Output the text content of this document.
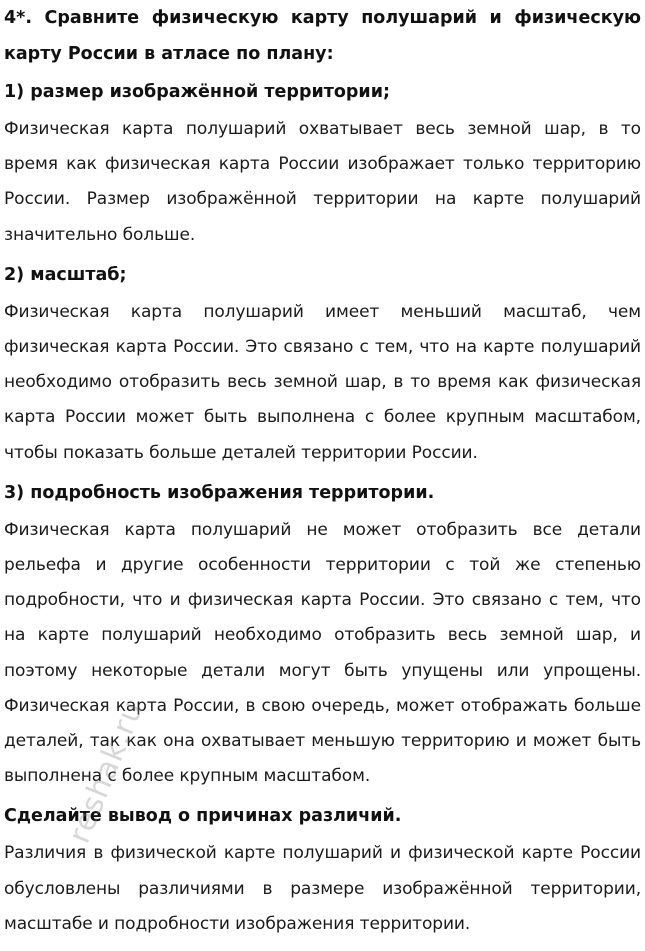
4*. Сравните физическую карту полушарий и физическую карту России в атласе по плану:

1) размер изображённой территории;

Физическая карта полушарий охватывает весь земной шар, в то время как физическая карта России изображает только территорию России. Размер изображённой территории на карте полушарий значительно больше.

2) масштаб;

Физическая карта полушарий имеет меньший масштаб, чем физическая карта России. Это связано с тем, что на карте полушарий необходимо отобразить весь земной шар, в то время как физическая карта России может быть выполнена с более крупным масштабом, чтобы показать больше деталей территории России.

3) подробность изображения территории.

Физическая карта полушарий не может отобразить все детали рельефа и другие особенности территории с той же степенью подробности, что и физическая карта России. Это связано с тем, что на карте полушарий необходимо отобразить весь земной шар, и поэтому некоторые детали могут быть упущены или упрощены. Физическая карта России, в свою очередь, может отображать больше деталей, так как она охватывает меньшую территорию и может быть выполнена с более крупным масштабом.

Сделайте вывод о причинах различий.

Различия в физической карте полушарий и физической карте России обусловлены различиями в размере изображённой территории, масштабе и подробности изображения территории.

reshak.ru
